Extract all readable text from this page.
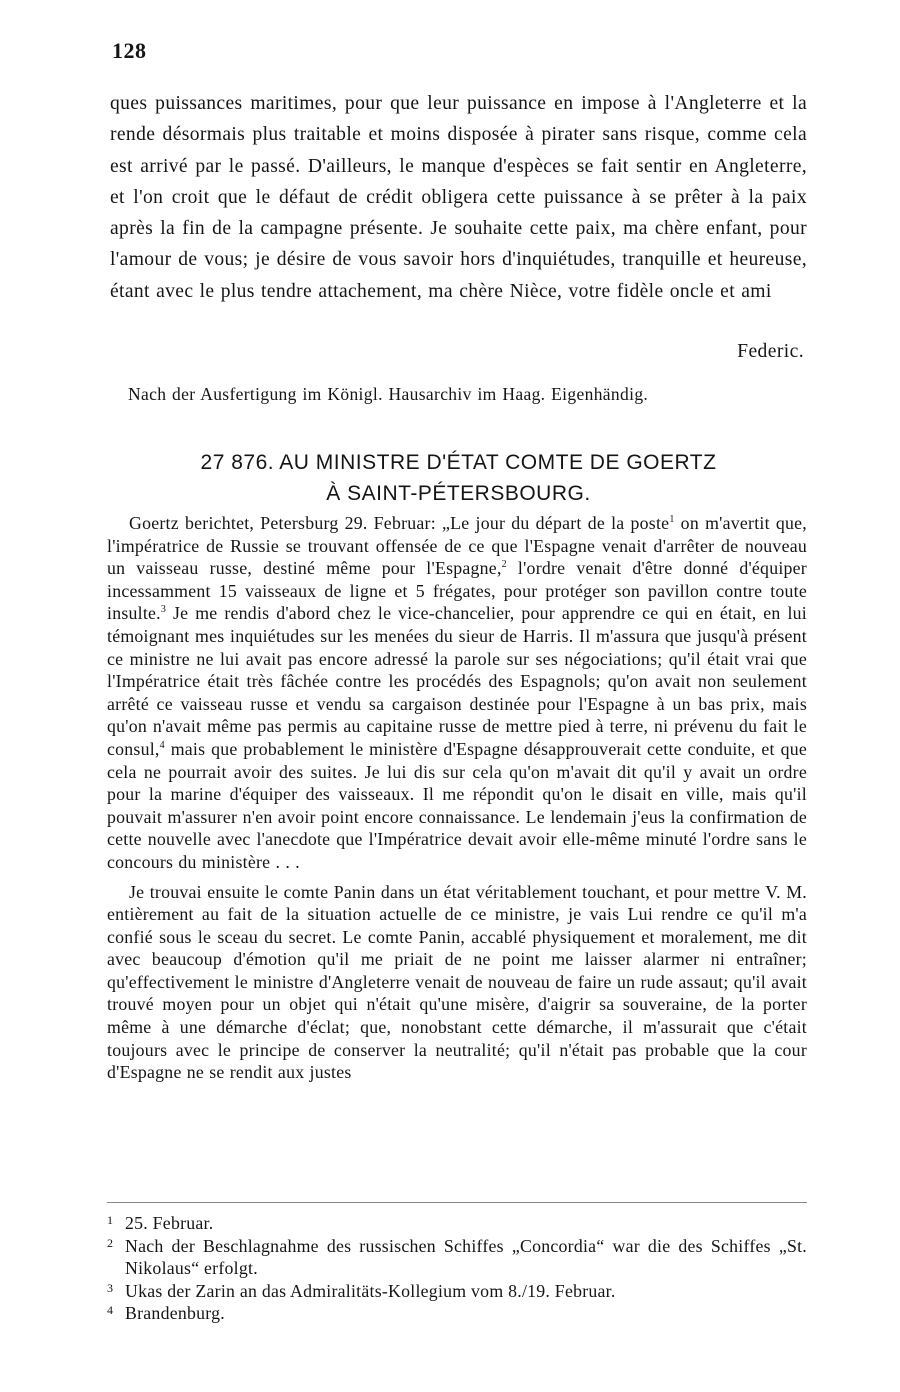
128
ques puissances maritimes, pour que leur puissance en impose à l'Angleterre et la rende désormais plus traitable et moins disposée à pirater sans risque, comme cela est arrivé par le passé. D'ailleurs, le manque d'espèces se fait sentir en Angleterre, et l'on croit que le défaut de crédit obligera cette puissance à se prêter à la paix après la fin de la campagne présente. Je souhaite cette paix, ma chère enfant, pour l'amour de vous; je désire de vous savoir hors d'inquiétudes, tranquille et heureuse, étant avec le plus tendre attachement, ma chère Nièce, votre fidèle oncle et ami
Federic.
Nach der Ausfertigung im Königl. Hausarchiv im Haag. Eigenhändig.
27 876. AU MINISTRE D'ÉTAT COMTE DE GOERTZ
À SAINT-PÉTERSBOURG.

Goertz berichtet, Petersburg 29. Februar: „Le jour du départ de la poste$^1$ on m'avertit que, l'impératrice de Russie se trouvant offensée de ce que l'Espagne venait d'arrêter de nouveau un vaisseau russe, destiné même pour l'Espagne,$^2$ l'ordre venait d'être donné d'équiper incessamment 15 vaisseaux de ligne et 5 frégates, pour protéger son pavillon contre toute insulte.$^3$ Je me rendis d'abord chez le vice-chancelier, pour apprendre ce qui en était, en lui témoignant mes inquiétudes sur les menées du sieur de Harris. Il m'assura que jusqu'à présent ce ministre ne lui avait pas encore adressé la parole sur ses négociations; qu'il était vrai que l'Impératrice était très fâchée contre les procédés des Espagnols; qu'on avait non seulement arrêté ce vaisseau russe et vendu sa cargaison destinée pour l'Espagne à un bas prix, mais qu'on n'avait même pas permis au capitaine russe de mettre pied à terre, ni prévenu du fait le consul,$^4$ mais que probablement le ministère d'Espagne désapprouverait cette conduite, et que cela ne pourrait avoir des suites. Je lui dis sur cela qu'on m'avait dit qu'il y avait un ordre pour la marine d'équiper des vaisseaux. Il me répondit qu'on le disait en ville, mais qu'il pouvait m'assurer n'en avoir point encore connaissance. Le lendemain j'eus la confirmation de cette nouvelle avec l'anecdote que l'Impératrice devait avoir elle-même minuté l'ordre sans le concours du ministère . . .

Je trouvai ensuite le comte Panin dans un état véritablement touchant, et pour mettre V. M. entièrement au fait de la situation actuelle de ce ministre, je vais Lui rendre ce qu'il m'a confié sous le sceau du secret. Le comte Panin, accablé physiquement et moralement, me dit avec beaucoup d'émotion qu'il me priait de ne point me laisser alarmer ni entraîner; qu'effectivement le ministre d'Angleterre venait de nouveau de faire un rude assaut; qu'il avait trouvé moyen pour un objet qui n'était qu'une misère, d'aigrir sa souveraine, de la porter même à une démarche d'éclat; que, nonobstant cette démarche, il m'assurait que c'était toujours avec le principe de conserver la neutralité; qu'il n'était pas probable que la cour d'Espagne ne se rendit aux justes

1 25. Februar.
2 Nach der Beschlagnahme des russischen Schiffes „Concordia“ war die des Schiffes „St. Nikolaus“ erfolgt.
3 Ukas der Zarin an das Admiralitäts-Kollegium vom 8./19. Februar.
4 Brandenburg.
